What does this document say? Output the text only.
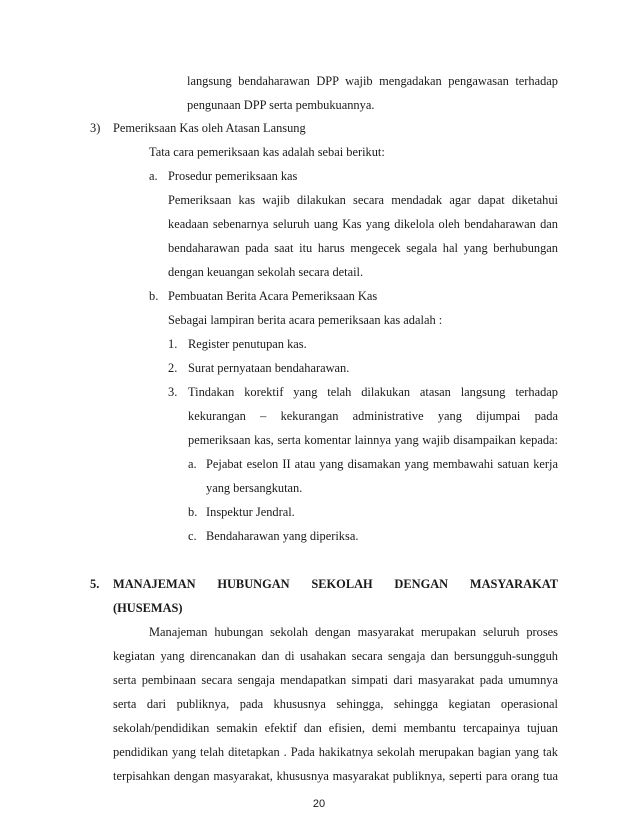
langsung bendaharawan DPP wajib mengadakan pengawasan terhadap
pengunaan DPP serta pembukuannya.
3) Pemeriksaan Kas oleh Atasan Lansung
Tata cara pemeriksaan kas adalah sebai berikut:
a. Prosedur pemeriksaan kas
Pemeriksaan kas wajib dilakukan secara mendadak agar dapat diketahui
keadaan sebenarnya seluruh uang Kas yang dikelola oleh bendaharawan dan
bendaharawan pada saat itu harus mengecek segala hal yang berhubungan
dengan keuangan sekolah secara detail.
b. Pembuatan Berita Acara Pemeriksaan Kas
Sebagai lampiran berita acara pemeriksaan kas adalah :
1. Register penutupan kas.
2. Surat pernyataan bendaharawan.
3. Tindakan korektif yang telah dilakukan atasan langsung terhadap
kekurangan – kekurangan administrative yang dijumpai pada
pemeriksaan kas, serta komentar lainnya yang wajib disampaikan kepada:
a. Pejabat eselon II atau yang disamakan yang membawahi satuan kerja
yang bersangkutan.
b. Inspektur Jendral.
c. Bendaharawan yang diperiksa.
5. MANAJEMAN HUBUNGAN SEKOLAH DENGAN MASYARAKAT
(HUSEMAS)
Manajeman hubungan sekolah dengan masyarakat merupakan seluruh proses
kegiatan yang direncanakan dan di usahakan secara sengaja dan bersungguh-sungguh
serta pembinaan secara sengaja mendapatkan simpati dari masyarakat pada umumnya
serta dari publiknya, pada khususnya sehingga, sehingga kegiatan operasional
sekolah/pendidikan semakin efektif dan efisien, demi membantu tercapainya tujuan
pendidikan yang telah ditetapkan . Pada hakikatnya sekolah merupakan bagian yang tak
terpisahkan dengan masyarakat, khususnya masyarakat publiknya, seperti para orang tua
20
